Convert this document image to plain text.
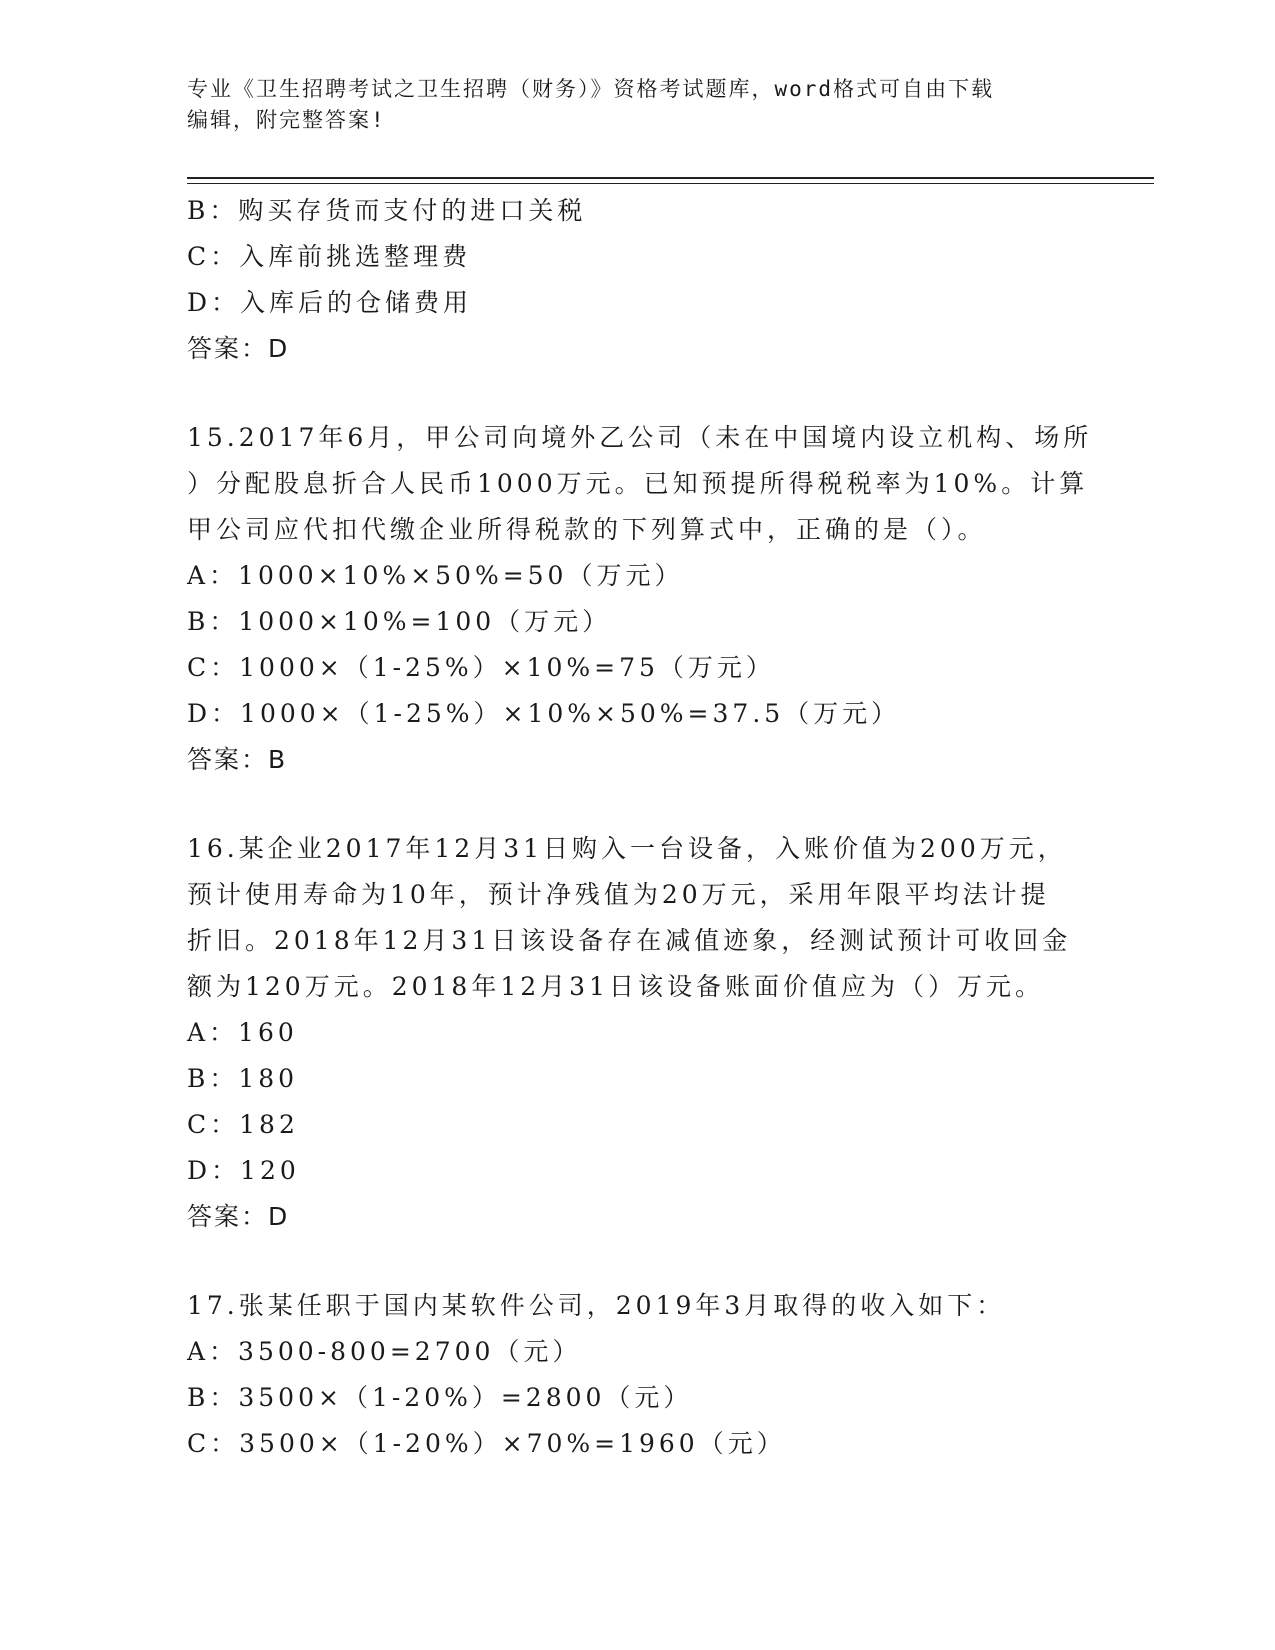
专业《卫生招聘考试之卫生招聘（财务）》资格考试题库，word格式可自由下载
编辑，附完整答案!
B：购买存货而支付的进口关税
C：入库前挑选整理费
D：入库后的仓储费用
答案：D
15.2017年6月，甲公司向境外乙公司（未在中国境内设立机构、场所
）分配股息折合人民币1000万元。已知预提所得税税率为10%。计算
甲公司应代扣代缴企业所得税款的下列算式中，正确的是（）。
A：1000×10%×50%=50（万元）
B：1000×10%=100（万元）
C：1000×（1-25%）×10%=75（万元）
D：1000×（1-25%）×10%×50%=37.5（万元）
答案：B
16.某企业2017年12月31日购入一台设备，入账价值为200万元，
预计使用寿命为10年，预计净残值为20万元，采用年限平均法计提
折旧。2018年12月31日该设备存在减值迹象，经测试预计可收回金
额为120万元。2018年12月31日该设备账面价值应为（）万元。
A：160
B：180
C：182
D：120
答案：D
17.张某任职于国内某软件公司，2019年3月取得的收入如下：
A：3500-800=2700（元）
B：3500×（1-20%）=2800（元）
C：3500×（1-20%）×70%=1960（元）
